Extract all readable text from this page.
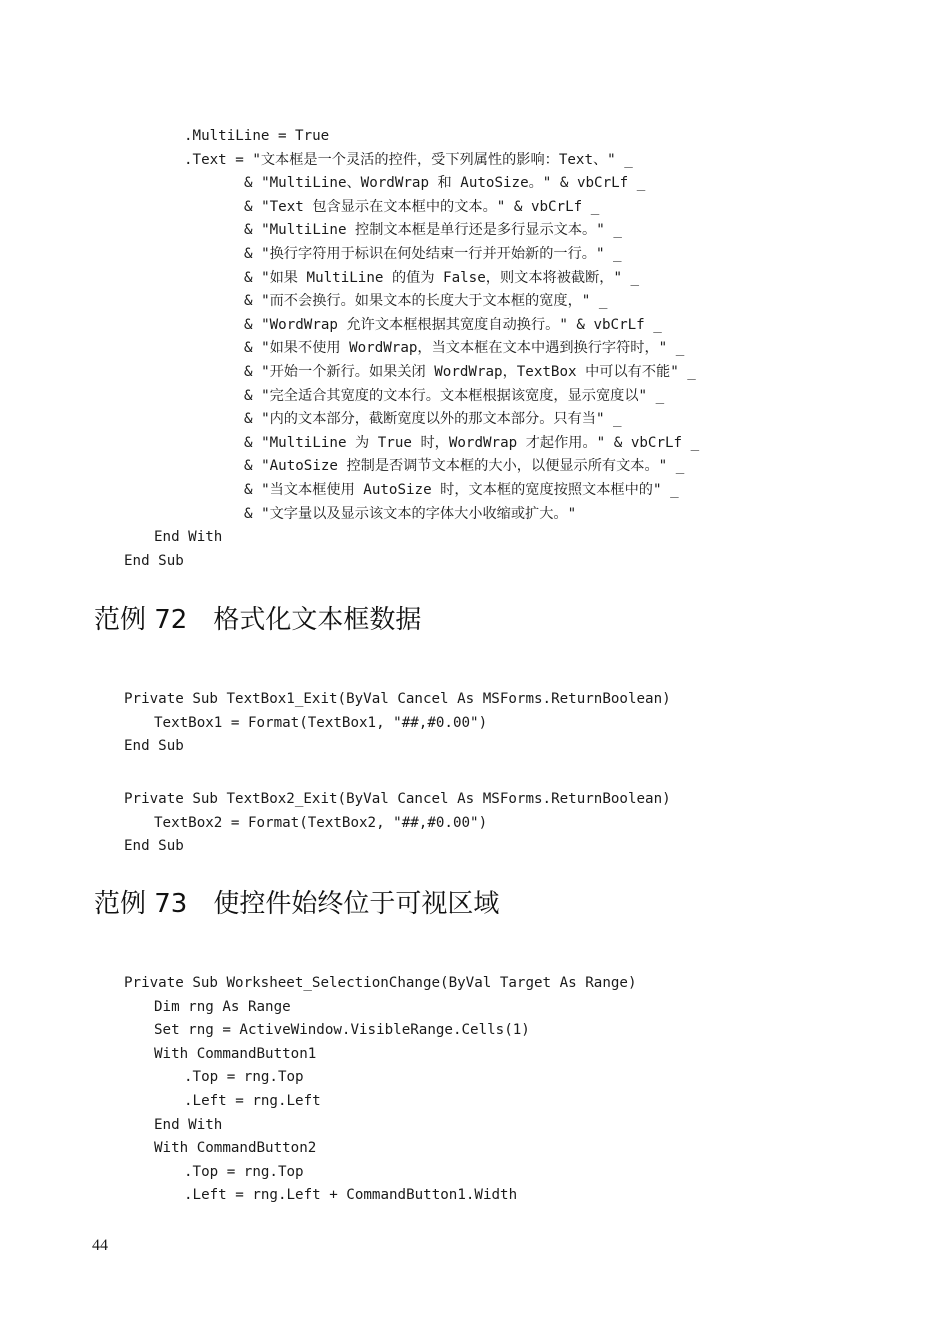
.MultiLine = True
.Text = "文本框是一个灵活的控件，受下列属性的影响：Text、" _
& "MultiLine、WordWrap 和 AutoSize。" & vbCrLf _
& "Text 包含显示在文本框中的文本。" & vbCrLf _
& "MultiLine 控制文本框是单行还是多行显示文本。" _
& "换行字符用于标识在何处结束一行并开始新的一行。" _
& "如果 MultiLine 的值为 False，则文本将被截断，" _
& "而不会换行。如果文本的长度大于文本框的宽度，" _
& "WordWrap 允许文本框根据其宽度自动换行。" & vbCrLf _
& "如果不使用 WordWrap，当文本框在文本中遇到换行字符时，" _
& "开始一个新行。如果关闭 WordWrap，TextBox 中可以有不能" _
& "完全适合其宽度的文本行。文本框根据该宽度，显示宽度以" _
& "内的文本部分，截断宽度以外的那文本部分。只有当" _
& "MultiLine 为 True 时，WordWrap 才起作用。" & vbCrLf _
& "AutoSize 控制是否调节文本框的大小，以便显示所有文本。" _
& "当文本框使用 AutoSize 时，文本框的宽度按照文本框中的" _
& "文字量以及显示该文本的字体大小收缩或扩大。"
End With
End Sub
范例 72　格式化文本框数据
Private Sub TextBox1_Exit(ByVal Cancel As MSForms.ReturnBoolean)
TextBox1 = Format(TextBox1, "##,#0.00")
End Sub
Private Sub TextBox2_Exit(ByVal Cancel As MSForms.ReturnBoolean)
TextBox2 = Format(TextBox2, "##,#0.00")
End Sub
范例 73　使控件始终位于可视区域
Private Sub Worksheet_SelectionChange(ByVal Target As Range)
Dim rng As Range
Set rng = ActiveWindow.VisibleRange.Cells(1)
With CommandButton1
.Top = rng.Top
.Left = rng.Left
End With
With CommandButton2
.Top = rng.Top
.Left = rng.Left + CommandButton1.Width
44
